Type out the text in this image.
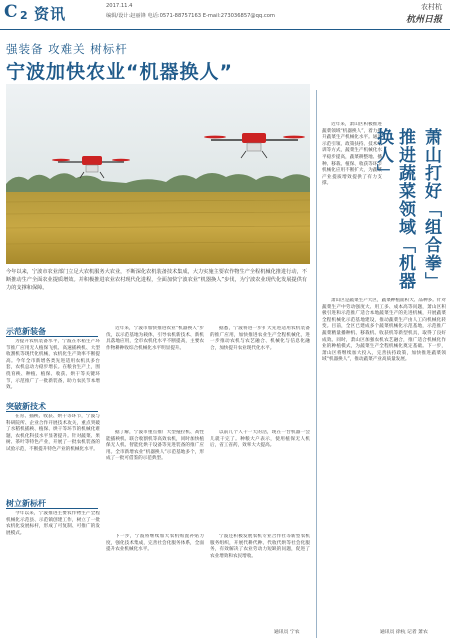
C 2 资讯	2017.11.4
编辑/设计:赵丽锋 电话:0571-88757163 E-mail:273036857@qq.com
农村杭
杭州日报
强装备 攻难关 树标杆
宁波加快农业“机器换人”
今年以来，宁波市农业部门立足大农机服务大农业，不断深化农机装备技术集成，大力实施主要农作物生产全程机械化推进行动，不断推动生产全面农业提质增效。并积极推进农业农村现代化进程，全面加快宁波农业“机器换人”步伐，为宁波农业现代化发展提供有力的支撑和保障。
示范新装备

为提升农机装备水平，宁波在水稻生产环节推广应用无人植保飞机、高速插秧机、大型收割机等现代化机械，农机化生产效率不断提高。今年全市新增各类先进适用农机具多台套，农机总动力稳步增长。在粮食生产上，围绕育秧、种植、植保、收获、烘干等关键环节，示范推广了一批新装备，助力农民节本增效。

突破新技术

在育、插秧、收获、烘干等环节，宁波与科研院所、企业合作开展技术攻关，重点突破了水稻机插秧、植保、烘干等环节的机械化难题，农机化科技水平显著提升。针对蔬菜、果树、茶叶等特色产业，开展了一批农机装备的试验示范，不断提升特色产业的机械化水平。

树立新标杆

今年以来，宁波推进主要农作物生产全程机械化示范县、示范镇创建工作，树立了一批农机化发展标杆，形成了可复制、可推广的发展模式。

近年来，宁波市加快推进农业“机器换人”步伐，以示范基地为载体，引导农机新技术、新机具落地应用，全市农机化水平不断提高，主要农作物耕种收综合机械化水平明显提升。

据了解，宁波市重点推广大型拖拉机、高性能插秧机、联合收割机等高效农机，同时加快植保无人机、智能化烘干设备等先进装备的推广应用。全市新增农业“机器换人”示范基地多个，形成了一批可借鉴的示范典型。

下一步，宁波将继续加大农机购置补贴力度，强化技术集成，完善社会化服务体系，全面提升农业机械化水平。

据悉，宁波将进一步扩大先进适用农机装备的推广应用，加快推进农业生产全程机械化，进一步推动农机与农艺融合、机械化与信息化融合，加快提升农业现代化水平。

以前几个人干一天的活，现在一台机器一会儿就干完了。种粮大户表示，使用植保无人机后，省工省药，效率大大提高。

宁波还积极发展农机专业合作社等新型农机服务组织，开展代耕代种、代收代烘等社会化服务，有效解决了农业劳动力短缺的问题，促进了农业增效和农民增收。

通讯员 宁农

近年来，萧山区积极推进蔬菜领域“机器换人”，着力提升蔬菜生产机械化水平。通过示范引领、政策扶持、技术培训等方式，蔬菜生产机械化水平稳步提高，蔬菜耕整地、播种、移栽、植保、收获等环节机械化应用不断扩大，为蔬菜产业提质增效提供了有力支撑。	萧山打好「组合拳」
推进蔬菜领域「机器换人」

萧山区是蔬菜生产大区，蔬菜种植面积大、品种多。针对蔬菜生产中劳动强度大、用工多、成本高等问题，萧山区积极引进和示范推广适合本地蔬菜生产的先进机械，开展蔬菜全程机械化示范基地建设，推动蔬菜生产由人工向机械化转变。目前，全区已建成多个蔬菜机械化示范基地，示范推广蔬菜精量播种机、移栽机、收获机等新型机具，取得了良好成效。同时，萧山区加强农机农艺融合，推广适合机械化作业的种植模式，为蔬菜生产全程机械化奠定基础。下一步，萧山区将继续加大投入，完善扶持政策，加快推进蔬菜领域“机器换人”，推动蔬菜产业高质量发展。

通讯员 徐杭 记者 萧农
